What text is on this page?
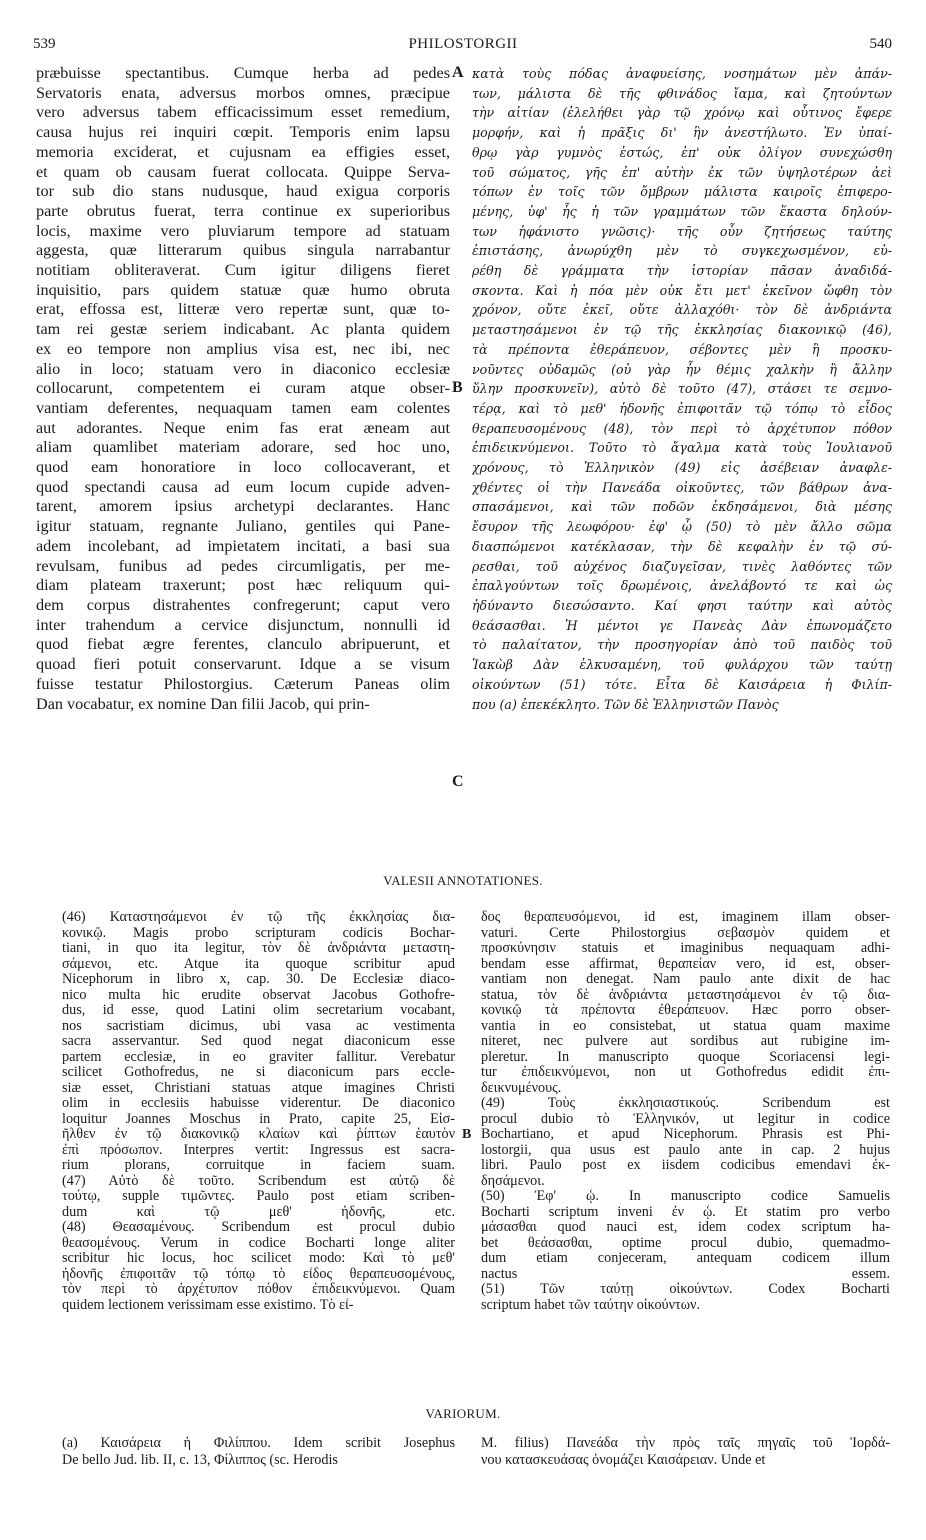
539	PHILOSTORGII	540
præbuisse spectantibus. Cumque herba ad pedes
Servatoris enata, adversus morbos omnes, præcipue
vero adversus tabem efficacissimum esset remedium,
causa hujus rei inquiri cœpit. Temporis enim lapsu
memoria exciderat, et cujusnam ea effigies esset,
et quam ob causam fuerat collocata. Quippe Serva-
tor sub dio stans nudusque, haud exigua corporis
parte obrutus fuerat, terra continue ex superioribus
locis, maxime vero pluviarum tempore ad statuam
aggesta, quæ litterarum quibus singula narrabantur
notitiam obliteraverat. Cum igitur diligens fieret
inquisitio, pars quidem statuæ quæ humo obruta
erat, effossa est, litteræ vero repertæ sunt, quæ to-
tam rei gestæ seriem indicabant. Ac planta quidem
ex eo tempore non amplius visa est, nec ibi, nec
alio in loco; statuam vero in diaconico ecclesiæ
collocarunt, competentem ei curam atque obser-
vantiam deferentes, nequaquam tamen eam colentes
aut adorantes. Neque enim fas erat æneam aut
aliam quamlibet materiam adorare, sed hoc uno,
quod eam honoratiore in loco collocaverant, et
quod spectandi causa ad eum locum cupide adven-
tarent, amorem ipsius archetypi declarantes. Hanc
igitur statuam, regnante Juliano, gentiles qui Pane-
adem incolebant, ad impietatem incitati, a basi sua
revulsam, funibus ad pedes circumligatis, per me-
diam plateam traxerunt; post hæc reliquum qui-
dem corpus distrahentes confregerunt; caput vero
inter trahendum a cervice disjunctum, nonnulli id
quod fiebat ægre ferentes, clanculo abripuerunt, et
quoad fieri potuit conservarunt. Idque a se visum
fuisse testatur Philostorgius. Cæterum Paneas olim
Dan vocabatur, ex nomine Dan filii Jacob, qui prin-
κατὰ τοὺς πόδας ἀναφυείσης, νοσημάτων μὲν ἁπάν-
των, μάλιστα δὲ τῆς φθινάδος ἴαμα, καὶ ζητούντων
τὴν αἰτίαν (ἐλελήθει γὰρ τῷ χρόνῳ καὶ οὗτινος ἔφερε
μορφήν, καὶ ἡ πρᾶξις δι' ἣν ἀνεστήλωτο. Ἐν ὑπαί-
θρῳ γὰρ γυμνὸς ἑστώς, ἐπ' οὐκ ὀλίγον συνεχώσθη
τοῦ σώματος, γῆς ἐπ' αὐτὴν ἐκ τῶν ὑψηλοτέρων ἀεὶ
τόπων ἐν τοῖς τῶν ὄμβρων μάλιστα καιροῖς ἐπιφερο-
μένης, ὑφ' ἧς ἡ τῶν γραμμάτων τῶν ἕκαστα δηλούν-
των ἠφάνιστο γνῶσις)· τῆς οὖν ζητήσεως ταύτης
ἐπιστάσης, ἀνωρύχθη μὲν τὸ συγκεχωσμένον, εὑ-
ρέθη δὲ γράμματα τὴν ἱστορίαν πᾶσαν ἀναδιδά-
σκοντα. Καὶ ἡ πόα μὲν οὐκ ἔτι μετ' ἐκεῖνον ὤφθη τὸν
χρόνον, οὔτε ἐκεῖ, οὔτε ἀλλαχόθι· τὸν δὲ ἀνδριάντα
μεταστησάμενοι ἐν τῷ τῆς ἐκκλησίας διακονικῷ (46),
τὰ πρέποντα ἐθεράπευον, σέβοντες μὲν ἢ προσκυ-
νοῦντες οὐδαμῶς (οὐ γὰρ ἦν θέμις χαλκὴν ἢ ἄλλην
ὕλην προσκυνεῖν), αὐτὸ δὲ τοῦτο (47), στάσει τε σεμνο-
τέρᾳ, καὶ τὸ μεθ' ἡδονῆς ἐπιφοιτᾶν τῷ τόπῳ τὸ εἶδος
θεραπευσομένους (48), τὸν περὶ τὸ ἀρχέτυπον πόθον
ἐπιδεικνύμενοι. Τοῦτο τὸ ἄγαλμα κατὰ τοὺς Ἰουλιανοῦ
χρόνους, τὸ Ἑλληνικὸν (49) εἰς ἀσέβειαν ἀναφλε-
χθέντες οἱ τὴν Πανεάδα οἰκοῦντες, τῶν βάθρων ἀνα-
σπασάμενοι, καὶ τῶν ποδῶν ἐκδησάμενοι, διὰ μέσης
ἔσυρον τῆς λεωφόρου· ἐφ' ᾧ (50) τὸ μὲν ἄλλο σῶμα
διασπώμενοι κατέκλασαν, τὴν δὲ κεφαλὴν ἐν τῷ σύ-
ρεσθαι, τοῦ αὐχένος διαζυγεῖσαν, τινὲς λαθόντες τῶν
ἐπαλγούντων τοῖς δρωμένοις, ἀνελάβοντό τε καὶ ὡς
ἠδύναντο διεσώσαντο. Καί φησι ταύτην καὶ αὐτὸς
θεάσασθαι. Ἡ μέντοι γε Πανεὰς Δὰν ἐπωνομάζετο
τὸ παλαίτατον, τὴν προσηγορίαν ἀπὸ τοῦ παιδὸς τοῦ
Ἰακὼβ Δὰν ἑλκυσαμένη, τοῦ φυλάρχου τῶν ταύτῃ
οἰκούντων (51) τότε. Εἶτα δὲ Καισάρεια ἡ Φιλίπ-
που (a) ἐπεκέκλητο. Τῶν δὲ Ἑλληνιστῶν Πανὸς
A
B
C
VALESII ANNOTATIONES.
(46) Καταστησάμενοι ἐν τῷ τῆς ἐκκλησίας δια-
κονικῷ. Magis probo scripturam codicis Bochar-
tiani, in quo ita legitur, τὸν δὲ ἀνδριάντα μεταστη-
σάμενοι, etc. Atque ita quoque scribitur apud
Nicephorum in libro x, cap. 30. De Ecclesiæ diaco-
nico multa hic erudite observat Jacobus Gothofre-
dus, id esse, quod Latini olim secretarium vocabant,
nos sacristiam dicimus, ubi vasa ac vestimenta
sacra asservantur. Sed quod negat diaconicum esse
partem ecclesiæ, in eo graviter fallitur. Verebatur
scilicet Gothofredus, ne si diaconicum pars eccle-
siæ esset, Christiani statuas atque imagines Christi
olim in ecclesiis habuisse viderentur. De diaconico
loquitur Joannes Moschus in Prato, capite 25, Εἰσ-
ῆλθεν ἐν τῷ διακονικῷ κλαίων καὶ ῥίπτων ἑαυτὸν
ἐπὶ πρόσωπον. Interpres vertit: Ingressus est sacra-
rium plorans, corruitque in faciem suam.
(47) Αὐτὸ δὲ τοῦτο. Scribendum est αὐτῷ δὲ
τούτῳ, supple τιμῶντες. Paulo post etiam scriben-
dum καὶ τῷ μεθ' ἡδονῆς, etc.
(48) Θεασαμένους. Scribendum est procul dubio
θεασομένους. Verum in codice Bocharti longe aliter
scribitur hic locus, hoc scilicet modo: Καὶ τὸ μεθ'
ἡδονῆς ἐπιφοιτᾶν τῷ τόπῳ τὸ εἶδος θεραπευσομένους,
τὸν περὶ τὸ ἀρχέτυπον πόθον ἐπιδεικνύμενοι. Quam
quidem lectionem verissimam esse existimo. Τὸ εἶ-
δος θεραπευσόμενοι, id est, imaginem illam obser-
vaturi. Certe Philostorgius σεβασμὸν quidem et
προσκύνησιν statuis et imaginibus nequaquam adhi-
bendam esse affirmat, θεραπείαν vero, id est, obser-
vantiam non denegat. Nam paulo ante dixit de hac
statua, τὸν δὲ ἀνδριάντα μεταστησάμενοι ἐν τῷ δια-
κονικῷ τὰ πρέποντα ἐθεράπευον. Hæc porro obser-
vantia in eo consistebat, ut statua quam maxime
niteret, nec pulvere aut sordibus aut rubigine im-
pleretur. In manuscripto quoque Scoriacensi legi-
tur ἐπιδεικνύμενοι, non ut Gothofredus edidit ἐπι-
δεικνυμένους.
(49) Τοὺς ἐκκλησιαστικούς. Scribendum est
procul dubio τὸ Ἑλληνικόν, ut legitur in codice
Bochartiano, et apud Nicephorum. Phrasis est Phi-
lostorgii, qua usus est paulo ante in cap. 2 hujus
libri. Paulo post ex iisdem codicibus emendavi ἐκ-
δησάμενοι.
(50) Ἐφ' ᾧ. In manuscripto codice Samuelis
Bocharti scriptum inveni ἐν ᾧ. Et statim pro verbo
μάσασθαι quod nauci est, idem codex scriptum ha-
bet θεάσασθαι, optime procul dubio, quemadmo-
dum etiam conjeceram, antequam codicem illum
nactus essem.
(51) Τῶν ταύτῃ οἰκούντων. Codex Bocharti
scriptum habet τῶν ταύτην οἰκούντων.
B
VARIORUM.
(a) Καισάρεια ἡ Φιλίππου. Idem scribit Josephus
De bello Jud. lib. II, c. 13, Φίλιππος (sc. Herodis
M. filius) Πανεάδα τὴν πρὸς ταῖς πηγαῖς τοῦ Ἰορδά-
νου κατασκευάσας ὀνομάζει Καισάρειαν. Unde et
